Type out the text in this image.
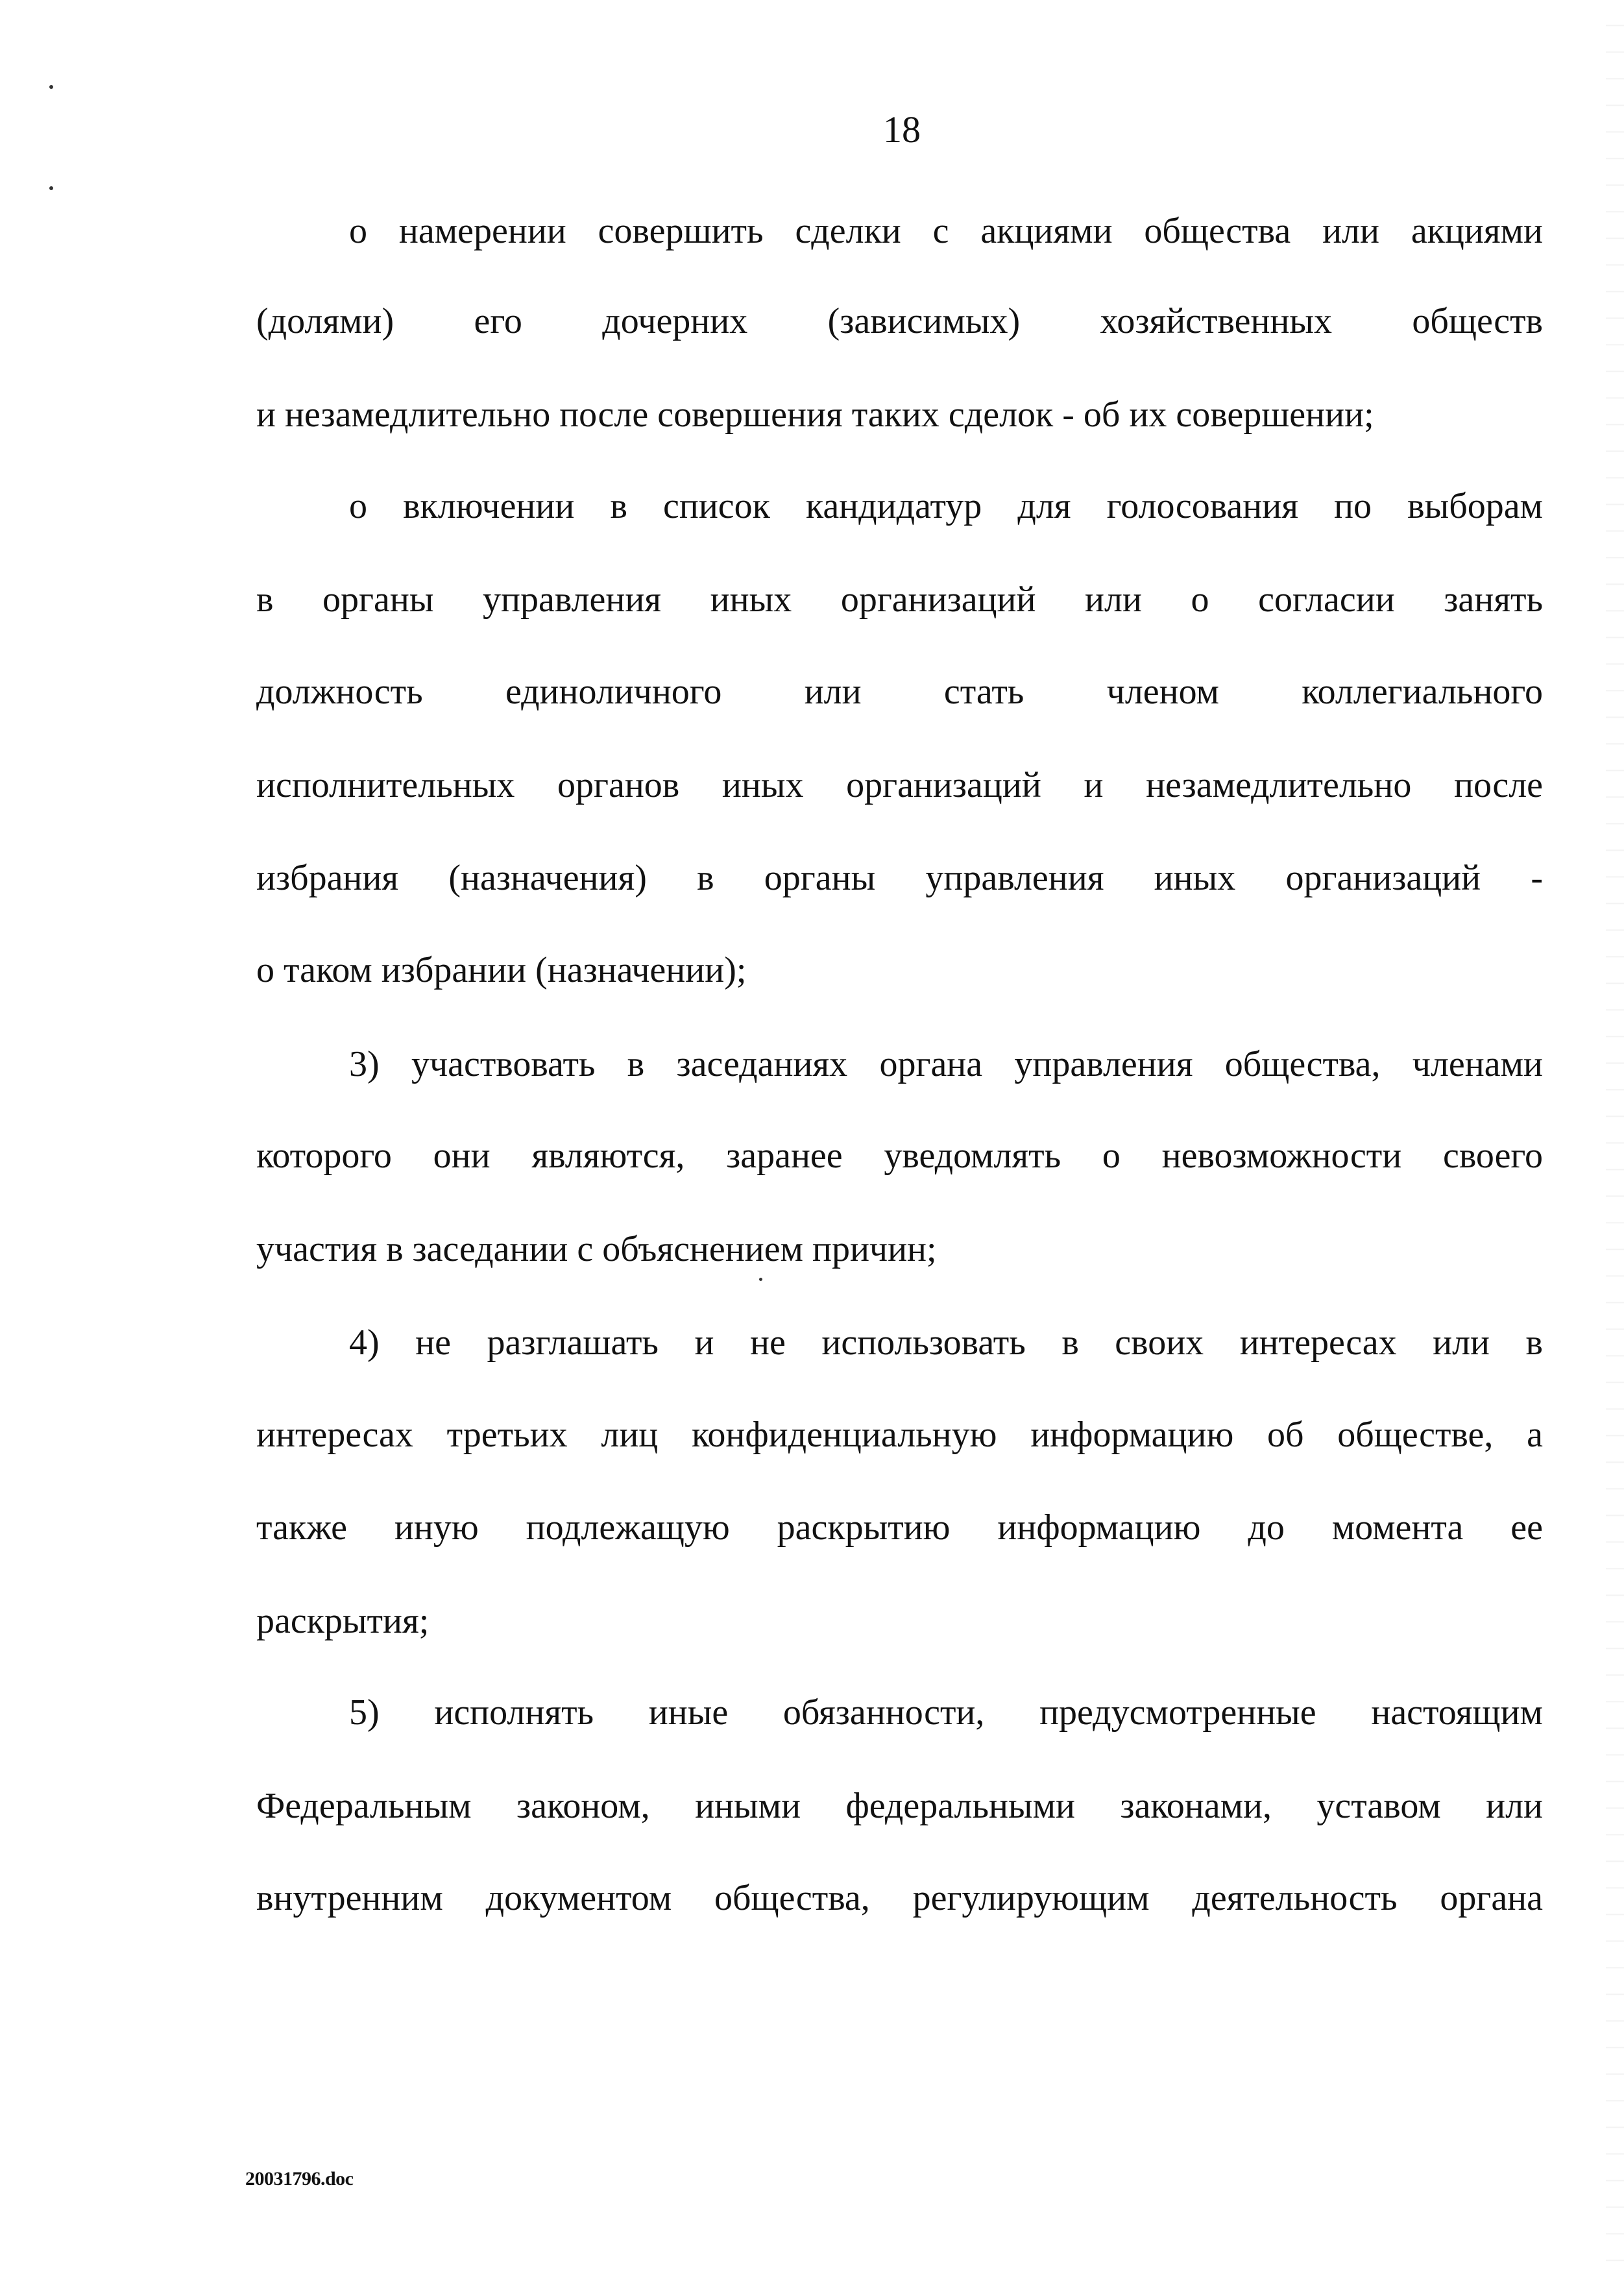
18
о намерении совершить сделки с акциями общества или акциями
(долями) его дочерних (зависимых) хозяйственных обществ
и незамедлительно после совершения таких сделок - об их совершении;
о включении в список кандидатур для голосования по выборам
в органы управления иных организаций или о согласии занять
должность единоличного или стать членом коллегиального
исполнительных органов иных организаций и незамедлительно после
избрания (назначения) в органы управления иных организаций -
о таком избрании (назначении);
3) участвовать в заседаниях органа управления общества, членами
которого они являются, заранее уведомлять о невозможности своего
участия в заседании с объяснением причин;
4) не разглашать и не использовать в своих интересах или в
интересах третьих лиц конфиденциальную информацию об обществе, а
также иную подлежащую раскрытию информацию до момента ее
раскрытия;
5) исполнять иные обязанности, предусмотренные настоящим
Федеральным законом, иными федеральными законами, уставом или
внутренним документом общества, регулирующим деятельность органа
20031796.doc
